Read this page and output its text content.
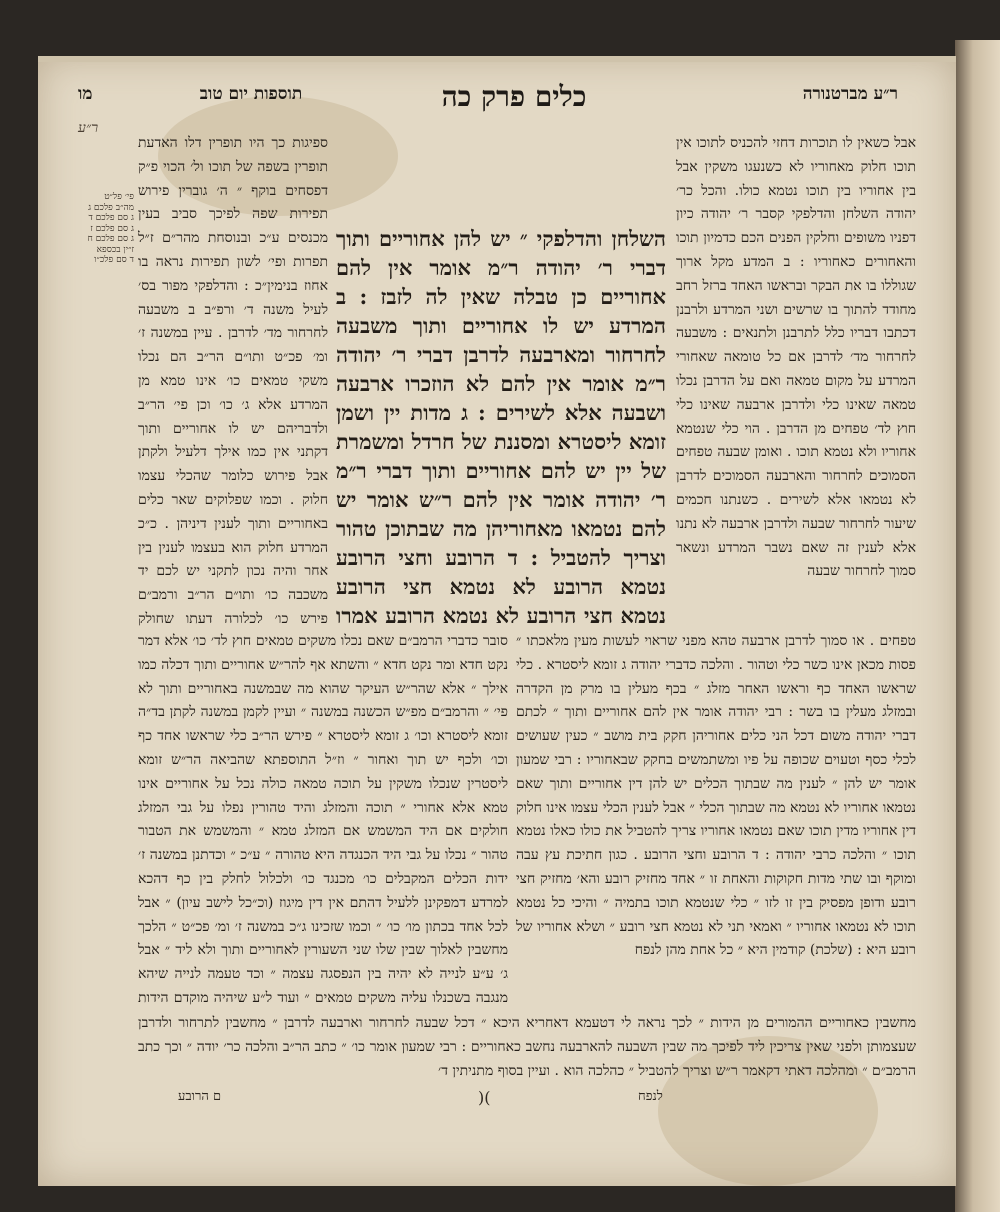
ר״ע מברטנורה
כלים פרק כה
תוספות יום טוב
מו
ר״ע
פי׳ פל״ט
מה״ב פלכם ג
ג סם פלכם ד
ג סם פלכם ז
ג סם פלכם ח
ז״ין בכספא
ד סם פלכ״ו

אבל כשאין לו תוכרות דחזי להכניס לתוכו אין תוכו חלוק מאחוריו לא כשנעגו משקין אבל בין אחוריו בין תוכו נטמא כולו. והכל כר׳ יהודה השלחן והדלפקי קסבר ר׳ יהודה כיון דפניו משופים וחלקין הפנים הכם כדמיון תוכו והאחורים כאחוריו : ב המדע מקל ארוך שגוללו בו את הבקר ובראשו האחד ברזל רחב מחודד להתוך בו שרשים ושני המרדע ולרבנן דכתבו דבריו כלל לתרבנן ולתנאים : משבעה לחרחור מד׳ לדרבן אם כל טומאה שאחורי המרדע על מקום טמאה ואם על הדרבן נכלו טמאה שאינו כלי ולדרבן ארבעה שאינו כלי חוץ לד׳ טפחים מן הדרבן . הוי כלי שנטמא אחוריו ולא נטמא תוכו . ואומן שבעה טפחים הסמוכים לחרחור והארבעה הסמוכים לדרבן לא נטמאו אלא לשירים . כשנתנו חכמים שיעור לחרחור שבעה ולדרבן ארבעה לא נתנו אלא לענין זה שאם נשבר המרדע ונשאר סמוך לחרחור שבעה

השלחן והדלפקי ״ יש להן אחוריים ותוך דברי ר׳ יהודה ר״מ אומר אין להם אחוריים כן טבלה שאין לה לזבז : ב המרדע יש לו אחוריים ותוך משבעה לחרחור ומארבעה לדרבן דברי ר׳ יהודה ר״מ אומר אין להם לא הוזכרו ארבעה ושבעה אלא לשירים : ג מדות יין ושמן זומא ליסטרא ומסננת של חרדל ומשמרת של יין יש להם אחוריים ותוך דברי ר״מ ר׳ יהודה אומר אין להם ר״ש אומר יש להם נטמאו מאחוריהן מה שבתוכן טהור וצריך להטביל : ד הרובע וחצי הרובע נטמא הרובע לא נטמא חצי הרובע נטמא חצי הרובע לא נטמא הרובע אמרו

ספיגות כך היו תופרין דלו האדעת תופרין בשפה של תוכו ול׳ הכוי פ״ק דפסחים בוקף ״ ה׳ גוברין פירוש תפירות שפה לפיכך סביב בעין מכנסים ע״כ ובנוסחת מהר״ם ז״ל תפרות ופי׳ לשון תפירות נראה בו אחוז בנימין״כ : והדלפקי מפור בס׳ לעיל משנה ד׳ ורפ״ב ב משבעה לחרחור מד׳ לדרבן . עיין במשנה ז׳ ומ׳ פכ״ט ותו״ם הר״ב הם נכלו משקי טמאים כו׳ אינו טמא מן המרדע אלא ג׳ כו׳ וכן פי׳ הר״ב ולדבריהם יש לו אחוריים ותוך דקתני אין כמו אילך דלעיל ולקתן אבל פירוש כלומר שהכלי עצמו חלוק . וכמו שפלוקים שאר כלים באחוריים ותוך לענין דיניהן . כ״כ המרדע חלוק הוא בעצמו לענין בין אחר והיה נכון לתקני יש לכם יד משכבה כו׳ ותו״ם הר״ב ורמב״ם פירש כו׳ לכלורה דעתו שחולק

טפחים . או סמוך לדרבן ארבעה טהא מפני שראוי לעשות מעין מלאכתו ״ פסות מכאן אינו כשר כלי וטהור . והלכה כדברי יהודה ג זומא ליסטרא . כלי שראשו האחד כף וראשו האחר מזלג ״ בכף מעלין בו מרק מן הקדרה ובמזלג מעלין בו בשר : רבי יהודה אומר אין להם אחוריים ותוך ״ לכתם דברי יהודה משום דכל הני כלים אחוריהן חקק בית מושב ״ כעין שעושים לכלי כסף וטעוים שכופה על פיו ומשתמשים בחקק שבאחוריו : רבי שמעון אומר יש להן ״ לענין מה שבתוך הכלים יש להן דין אחוריים ותוך שאם נטמאו אחוריו לא נטמא מה שבתוך הכלי ״ אבל לענין הכלי עצמו אינו חלוק דין אחוריו מדין תוכו שאם נטמאו אחוריו צריך להטביל את כולו כאלו נטמא תוכו ״ והלכה כרבי יהודה : ד הרובע וחצי הרובע . כגון חתיכת עץ עבה ומוקף ובו שתי מדות חקוקות והאחת זו ״ אחד מחזיק רובע והא׳ מחזיק חצי רובע ודופן מפסיק בין זו לזו ״ כלי שנטמא תוכו בתמיה ״ והיכי כל נטמא תוכו לא נטמאו אחוריו ״ ואמאי תני לא נטמא חצי רובע ״ ושלא אחוריו של רובע היא : (שלכת) קודמין היא ״ כל אחת מהן לנפח

סובר כדברי הרמב״ם שאם נכלו משקים טמאים חוץ לד׳ כו׳ אלא דמר נקט חדא ומר נקט חדא ״ והשתא אף להר״ש אחוריים ותוך דכלה כמו אילך ״ אלא שהר״ש העיקר שהוא מה שבמשנה באחוריים ותוך לא פי׳ ״ והרמב״ם מפ״ש הכשנה במשנה ״ ועיין לקמן במשנה לקתן בד״ה זומא ליסטרא וכו׳ ג זומא ליסטרא ״ פירש הר״ב כלי שראשו אחד כף וכו׳ ולכף יש תוך ואחור ״ וז״ל התוספתא שהביאה הר״ש זומא ליסטרין שנכלו משקין על תוכה טמאה כולה נכל על אחוריים אינו טמא אלא אחורי ״ תוכה והמזלג והיד טהורין נפלו על גבי המזלג חולקים אם היד המשמש אם המזלג טמא ״ והמשמש את הטבור טהור ״ נכלו על גבי היד הכנגדה היא טהורה ״ ע״כ ״ וכדתנן במשנה ז׳ ידות הכלים המקבלים כו׳ מכנגד כו׳ ולכלול לחלק בין כף דהכא למרדע דמפקינן ללעיל דהתם אין דין מיגוז (וכ״כל לישב עיון) ״ אבל לכל אחד בכתון מו׳ כו׳ ״ וכמו שזכינו ג״כ במשנה ז׳ ומ׳ פכ״ט ״ הלכך מחשבין לאלוך שבין שלו שני השעורין לאחוריים ותוך ולא ליד ״ אבל ג׳ ע״ע לנייה לא יהיה בין הנפסגה עצמה ״ וכד טעמה לנייה שיהא מנגבה בשכנלו עליה משקים טמאים ״ ועוד ל״ע שיהיה מוקדם הידות

מחשבין כאחוריים ההמורים מן הידות ״ לכך נראה לי דטעמא דאחריא היכא ״ דכל שבעה לחרחור וארבעה לדרבן ״ מחשבין לתרחור ולדרבן שעצמותן ולפני שאין צריכין ליד לפיכך מה שבין השבעה להארבעה נחשב כאחוריים : רבי שמעון אומר כו׳ ״ כתב הר״ב והלכה כר׳ יודה ״ וכך כתב הרמב״ם ״ ומהלכה דאתי דקאמר ר״ש וצריך להטביל ״ כהלכה הוא . ועיין בסוף מתניתין ד׳

לנפח
)(
ם הרובע
